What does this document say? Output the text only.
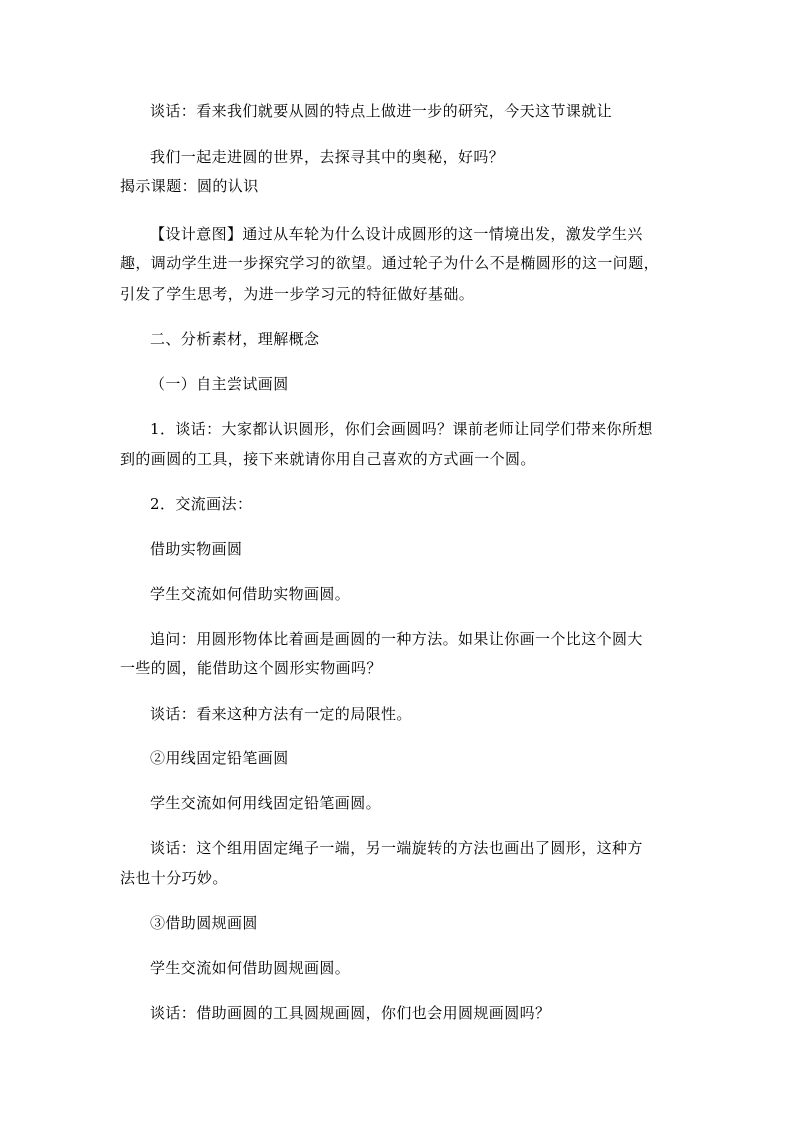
谈话：看来我们就要从圆的特点上做进一步的研究，今天这节课就让
我们一起走进圆的世界，去探寻其中的奥秘，好吗？
揭示课题：圆的认识
【设计意图】通过从车轮为什么设计成圆形的这一情境出发，激发学生兴
趣，调动学生进一步探究学习的欲望。通过轮子为什么不是椭圆形的这一问题，
引发了学生思考，为进一步学习元的特征做好基础。
二、分析素材，理解概念
（一）自主尝试画圆
1．谈话：大家都认识圆形，你们会画圆吗？课前老师让同学们带来你所想
到的画圆的工具，接下来就请你用自己喜欢的方式画一个圆。
2．交流画法：
借助实物画圆
学生交流如何借助实物画圆。
追问：用圆形物体比着画是画圆的一种方法。如果让你画一个比这个圆大
一些的圆，能借助这个圆形实物画吗？
谈话：看来这种方法有一定的局限性。
②用线固定铅笔画圆
学生交流如何用线固定铅笔画圆。
谈话：这个组用固定绳子一端，另一端旋转的方法也画出了圆形，这种方
法也十分巧妙。
③借助圆规画圆
学生交流如何借助圆规画圆。
谈话：借助画圆的工具圆规画圆，你们也会用圆规画圆吗？
